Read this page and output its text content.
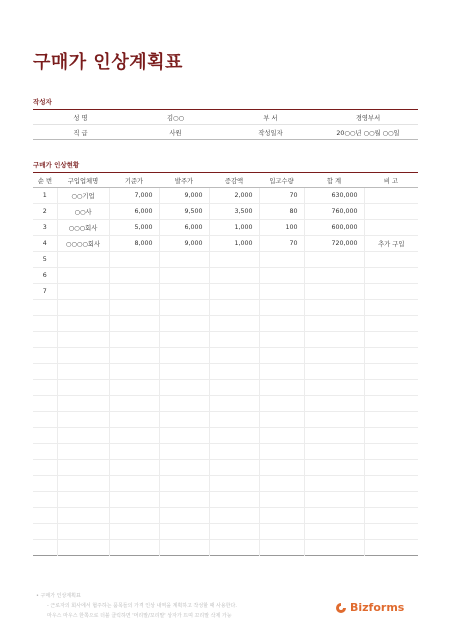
구매가 인상계획표
작성자
성 명	김○○	부 서	경영부서
직 급	사원	작성일자	20○○년 ○○월 ○○일
구매가 인상현황
순 번	구입업체명	기준가	발주가	증감액	입고수량	합 계	비 고
1	○○기업	7,000	9,000	2,000	70	630,000	
2	○○사	6,000	9,500	3,500	80	760,000	
3	○○○회사	5,000	6,000	1,000	100	600,000	
4	○○○○회사	8,000	9,000	1,000	70	720,000	추가 구입
5							
6							
7							

• 구매가 인상계획표
- 근로자의 회사에서 협주하는 품목들의 가격 인상 내역을 계획하고 작성할 때 사용한다.
마우스 마우스 한쪽으로 더블 클릭하면 '머리말/꼬리말' 상자가 뜨며 꼬리말 삭제 가능
Bizforms
